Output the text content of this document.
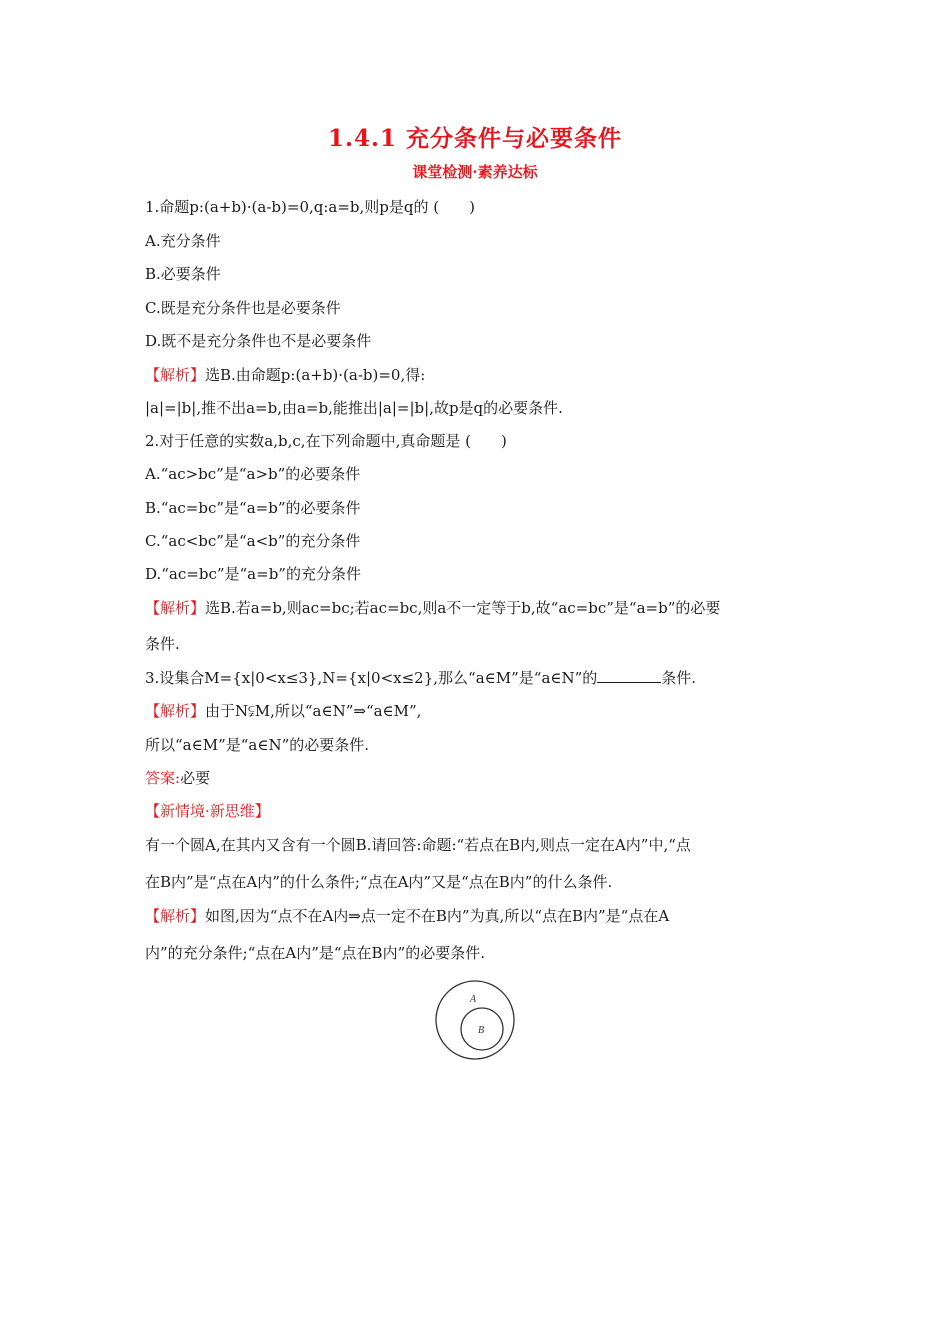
1.4.1 充分条件与必要条件
课堂检测·素养达标
1.命题p:(a+b)·(a-b)=0,q:a=b,则p是q的 (　　)
A.充分条件
B.必要条件
C.既是充分条件也是必要条件
D.既不是充分条件也不是必要条件
【解析】选B.由命题p:(a+b)·(a-b)=0,得:
|a|=|b|,推不出a=b,由a=b,能推出|a|=|b|,故p是q的必要条件.
2.对于任意的实数a,b,c,在下列命题中,真命题是 (　　)
A.“ac>bc”是“a>b”的必要条件
B.“ac=bc”是“a=b”的必要条件
C.“ac<bc”是“a<b”的充分条件
D.“ac=bc”是“a=b”的充分条件
【解析】选B.若a=b,则ac=bc;若ac=bc,则a不一定等于b,故“ac=bc”是“a=b”的必要
条件.
3.设集合M={x|0<x≤3},N={x|0<x≤2},那么“a∈M”是“a∈N”的	条件.
【解析】由于N⫋M,所以“a∈N”⇒“a∈M”,
所以“a∈M”是“a∈N”的必要条件.
答案:必要
【新情境·新思维】
有一个圆A,在其内又含有一个圆B.请回答:命题:“若点在B内,则点一定在A内”中,“点
在B内”是“点在A内”的什么条件;“点在A内”又是“点在B内”的什么条件.
【解析】如图,因为“点不在A内⇒点一定不在B内”为真,所以“点在B内”是“点在A
内”的充分条件;“点在A内”是“点在B内”的必要条件.
A
B
